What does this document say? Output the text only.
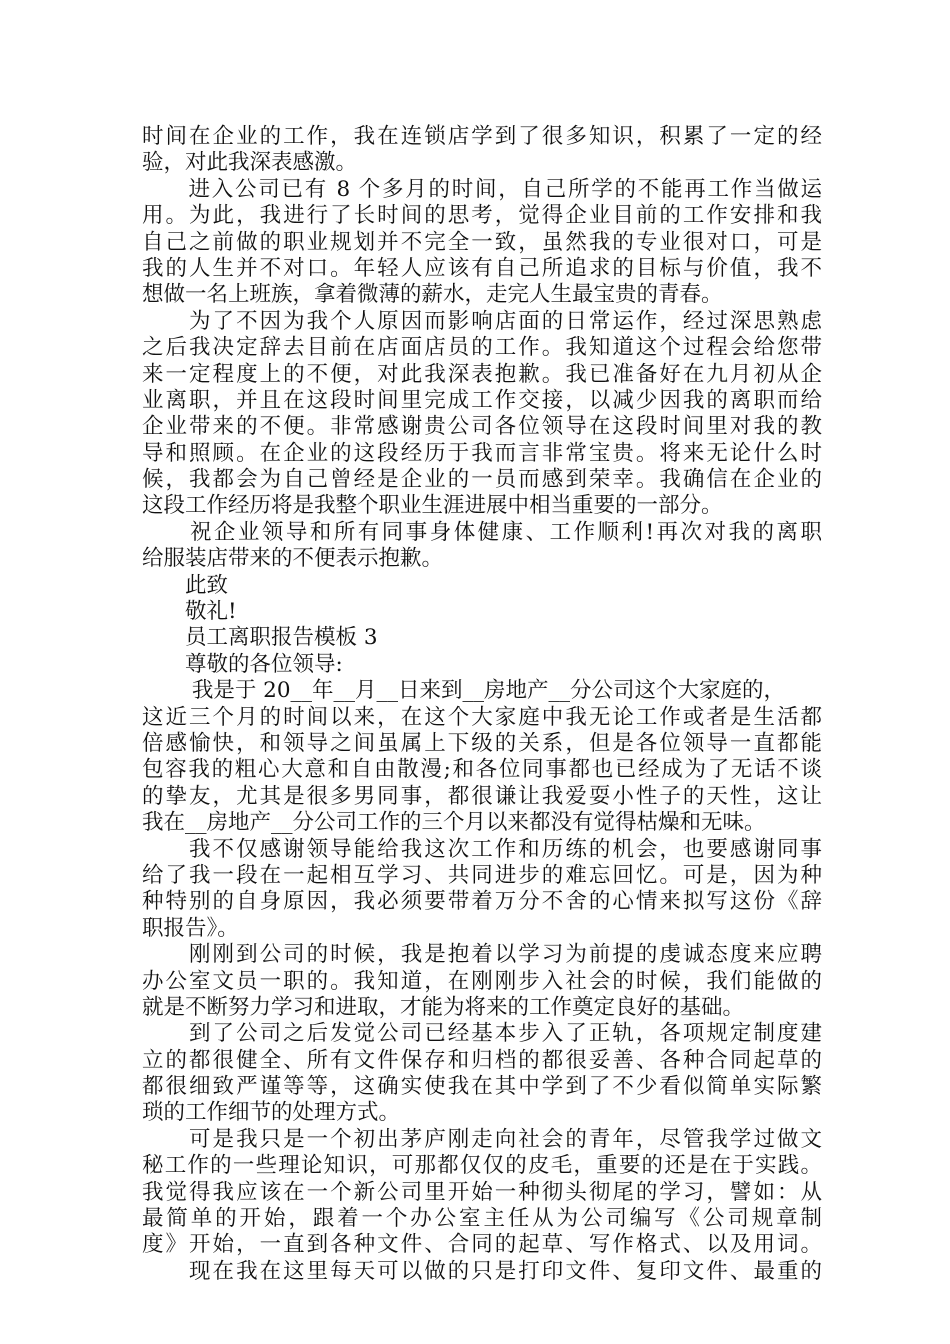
时间在企业的工作，我在连锁店学到了很多知识，积累了一定的经
验，对此我深表感激。
　　进入公司已有 8 个多月的时间，自己所学的不能再工作当做运
用。为此，我进行了长时间的思考，觉得企业目前的工作安排和我
自己之前做的职业规划并不完全一致，虽然我的专业很对口，可是
我的人生并不对口。年轻人应该有自己所追求的目标与价值，我不
想做一名上班族，拿着微薄的薪水，走完人生最宝贵的青春。
　　为了不因为我个人原因而影响店面的日常运作，经过深思熟虑
之后我决定辞去目前在店面店员的工作。我知道这个过程会给您带
来一定程度上的不便，对此我深表抱歉。我已准备好在九月初从企
业离职，并且在这段时间里完成工作交接，以减少因我的离职而给
企业带来的不便。非常感谢贵公司各位领导在这段时间里对我的教
导和照顾。在企业的这段经历于我而言非常宝贵。将来无论什么时
候，我都会为自己曾经是企业的一员而感到荣幸。我确信在企业的
这段工作经历将是我整个职业生涯进展中相当重要的一部分。
　　祝企业领导和所有同事身体健康、工作顺利!再次对我的离职
给服装店带来的不便表示抱歉。
　　此致
　　敬礼!
　　员工离职报告模板 3
　　尊敬的各位领导:
　　 我是于 20__年__月__日来到__房地产__分公司这个大家庭的，
这近三个月的时间以来，在这个大家庭中我无论工作或者是生活都
倍感愉快，和领导之间虽属上下级的关系，但是各位领导一直都能
包容我的粗心大意和自由散漫;和各位同事都也已经成为了无话不谈
的挚友，尤其是很多男同事，都很谦让我爱耍小性子的天性，这让
我在__房地产__分公司工作的三个月以来都没有觉得枯燥和无味。
　　我不仅感谢领导能给我这次工作和历练的机会，也要感谢同事
给了我一段在一起相互学习、共同进步的难忘回忆。可是，因为种
种特别的自身原因，我必须要带着万分不舍的心情来拟写这份《辞
职报告》。
　　刚刚到公司的时候，我是抱着以学习为前提的虔诚态度来应聘
办公室文员一职的。我知道，在刚刚步入社会的时候，我们能做的
就是不断努力学习和进取，才能为将来的工作奠定良好的基础。
　　到了公司之后发觉公司已经基本步入了正轨，各项规定制度建
立的都很健全、所有文件保存和归档的都很妥善、各种合同起草的
都很细致严谨等等，这确实使我在其中学到了不少看似简单实际繁
琐的工作细节的处理方式。
　　可是我只是一个初出茅庐刚走向社会的青年，尽管我学过做文
秘工作的一些理论知识，可那都仅仅的皮毛，重要的还是在于实践。
我觉得我应该在一个新公司里开始一种彻头彻尾的学习，譬如：从
最简单的开始，跟着一个办公室主任从为公司编写《公司规章制
度》开始，一直到各种文件、合同的起草、写作格式、以及用词。
　　现在我在这里每天可以做的只是打印文件、复印文件、最重的
